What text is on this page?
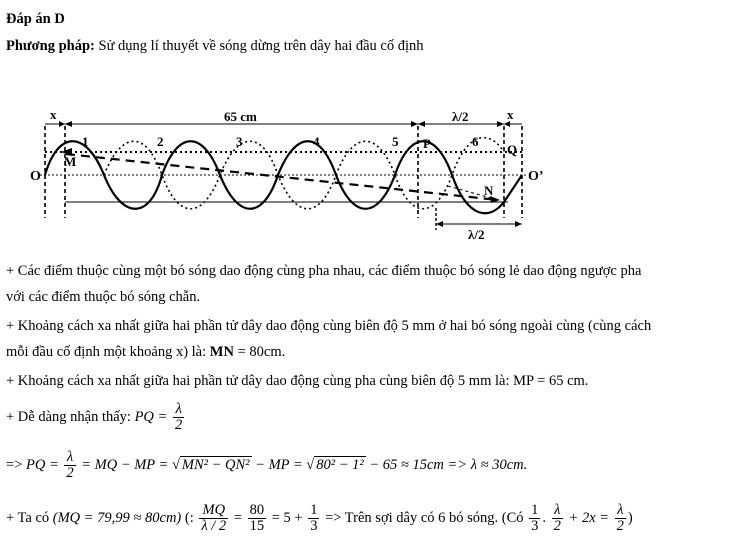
Đáp án D
Phương pháp: Sử dụng lí thuyết về sóng dừng trên dây hai đầu cố định
65 cm	λ/2
x	x
λ/2
O	O’
M
N
P	Q
1	2	3	4	5	6
+ Các điểm thuộc cùng một bó sóng dao động cùng pha nhau, các điểm thuộc bó sóng lẻ dao động ngược pha
với các điểm thuộc bó sóng chẵn.
+ Khoảng cách xa nhất giữa hai phần tử dây dao động cùng biên độ 5 mm ở hai bó sóng ngoài cùng (cùng cách
mỗi đầu cố định một khoảng x) là: MN = 80cm.
+ Khoảng cách xa nhất giữa hai phần tử dây dao động cùng pha cùng biên độ 5 mm là: MP = 65 cm.
+ Dễ dàng nhận thấy: PQ = $\frac{\lambda}{2}$
=> PQ = $\frac{\lambda}{2}$ = MQ − MP = √ MN² − QN² − MP = √ 80² − 1² − 65 ≈ 15cm => λ ≈ 30cm.
+ Ta có (MQ = 79,99 ≈ 80cm) (: $\frac{MQ}{\lambda / 2} = \frac{80}{15} = 5 + \frac{1}{3}$ => Trên sợi dây có 6 bó sóng. (Có $\frac{1}{3}$ . $\frac{\lambda}{2} + 2x = \frac{\lambda}{2}$ )
